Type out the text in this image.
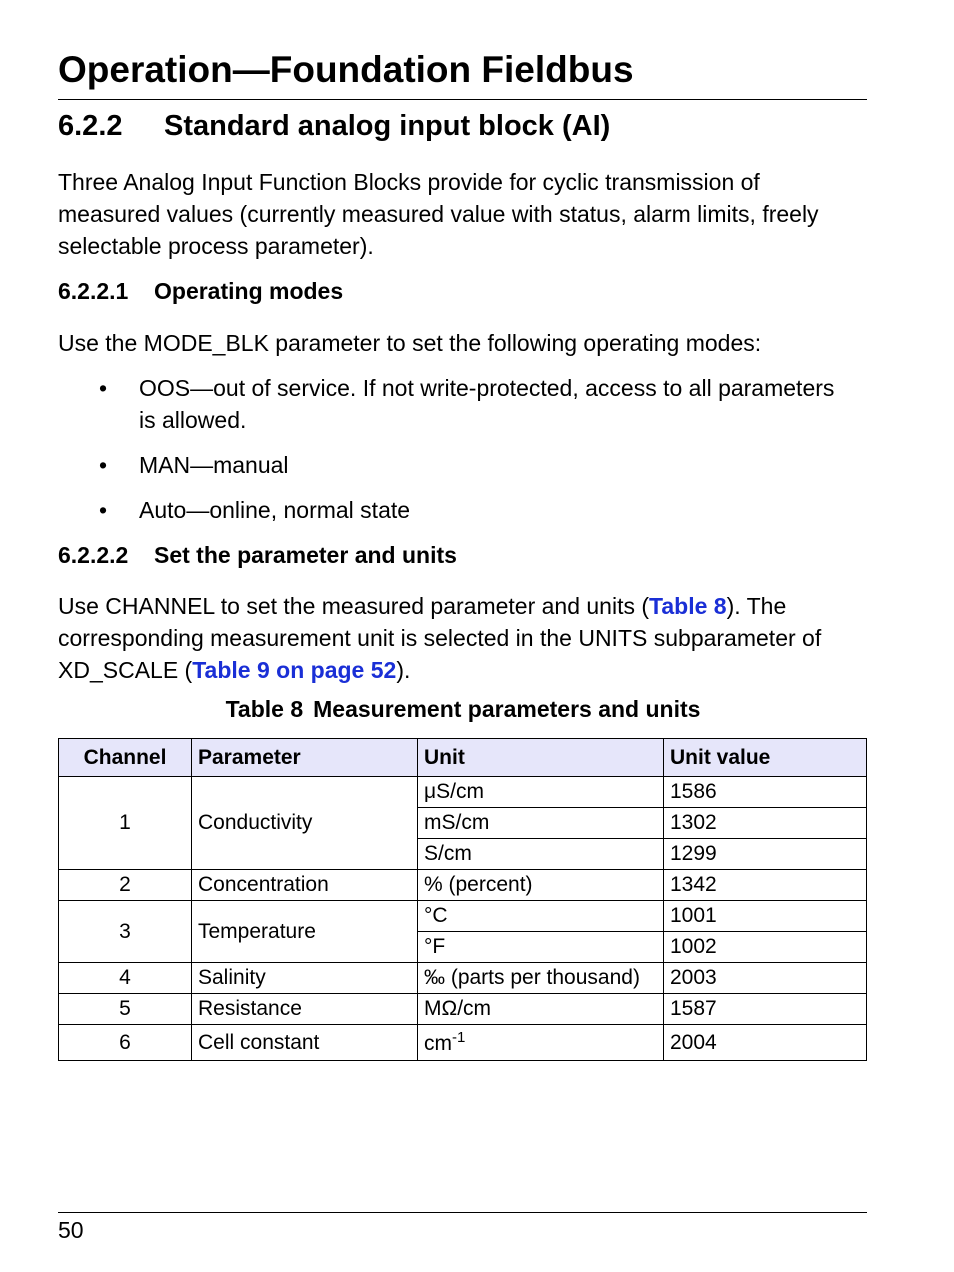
Operation—Foundation Fieldbus
6.2.2 Standard analog input block (AI)
Three Analog Input Function Blocks provide for cyclic transmission of measured values (currently measured value with status, alarm limits, freely selectable process parameter).
6.2.2.1 Operating modes
Use the MODE_BLK parameter to set the following operating modes:
• OOS—out of service. If not write-protected, access to all parameters is allowed.
• MAN—manual
• Auto—online, normal state
6.2.2.2 Set the parameter and units
Use CHANNEL to set the measured parameter and units (Table 8). The corresponding measurement unit is selected in the UNITS subparameter of XD_SCALE (Table 9 on page 52).
Table 8 Measurement parameters and units
Channel	Parameter	Unit	Unit value
1	Conductivity	μS/cm	1586
		mS/cm	1302
		S/cm	1299
2	Concentration	% (percent)	1342
3	Temperature	°C	1001
		°F	1002
4	Salinity	‰ (parts per thousand)	2003
5	Resistance	MΩ/cm	1587
6	Cell constant	$cm^{-1}$	2004
50
